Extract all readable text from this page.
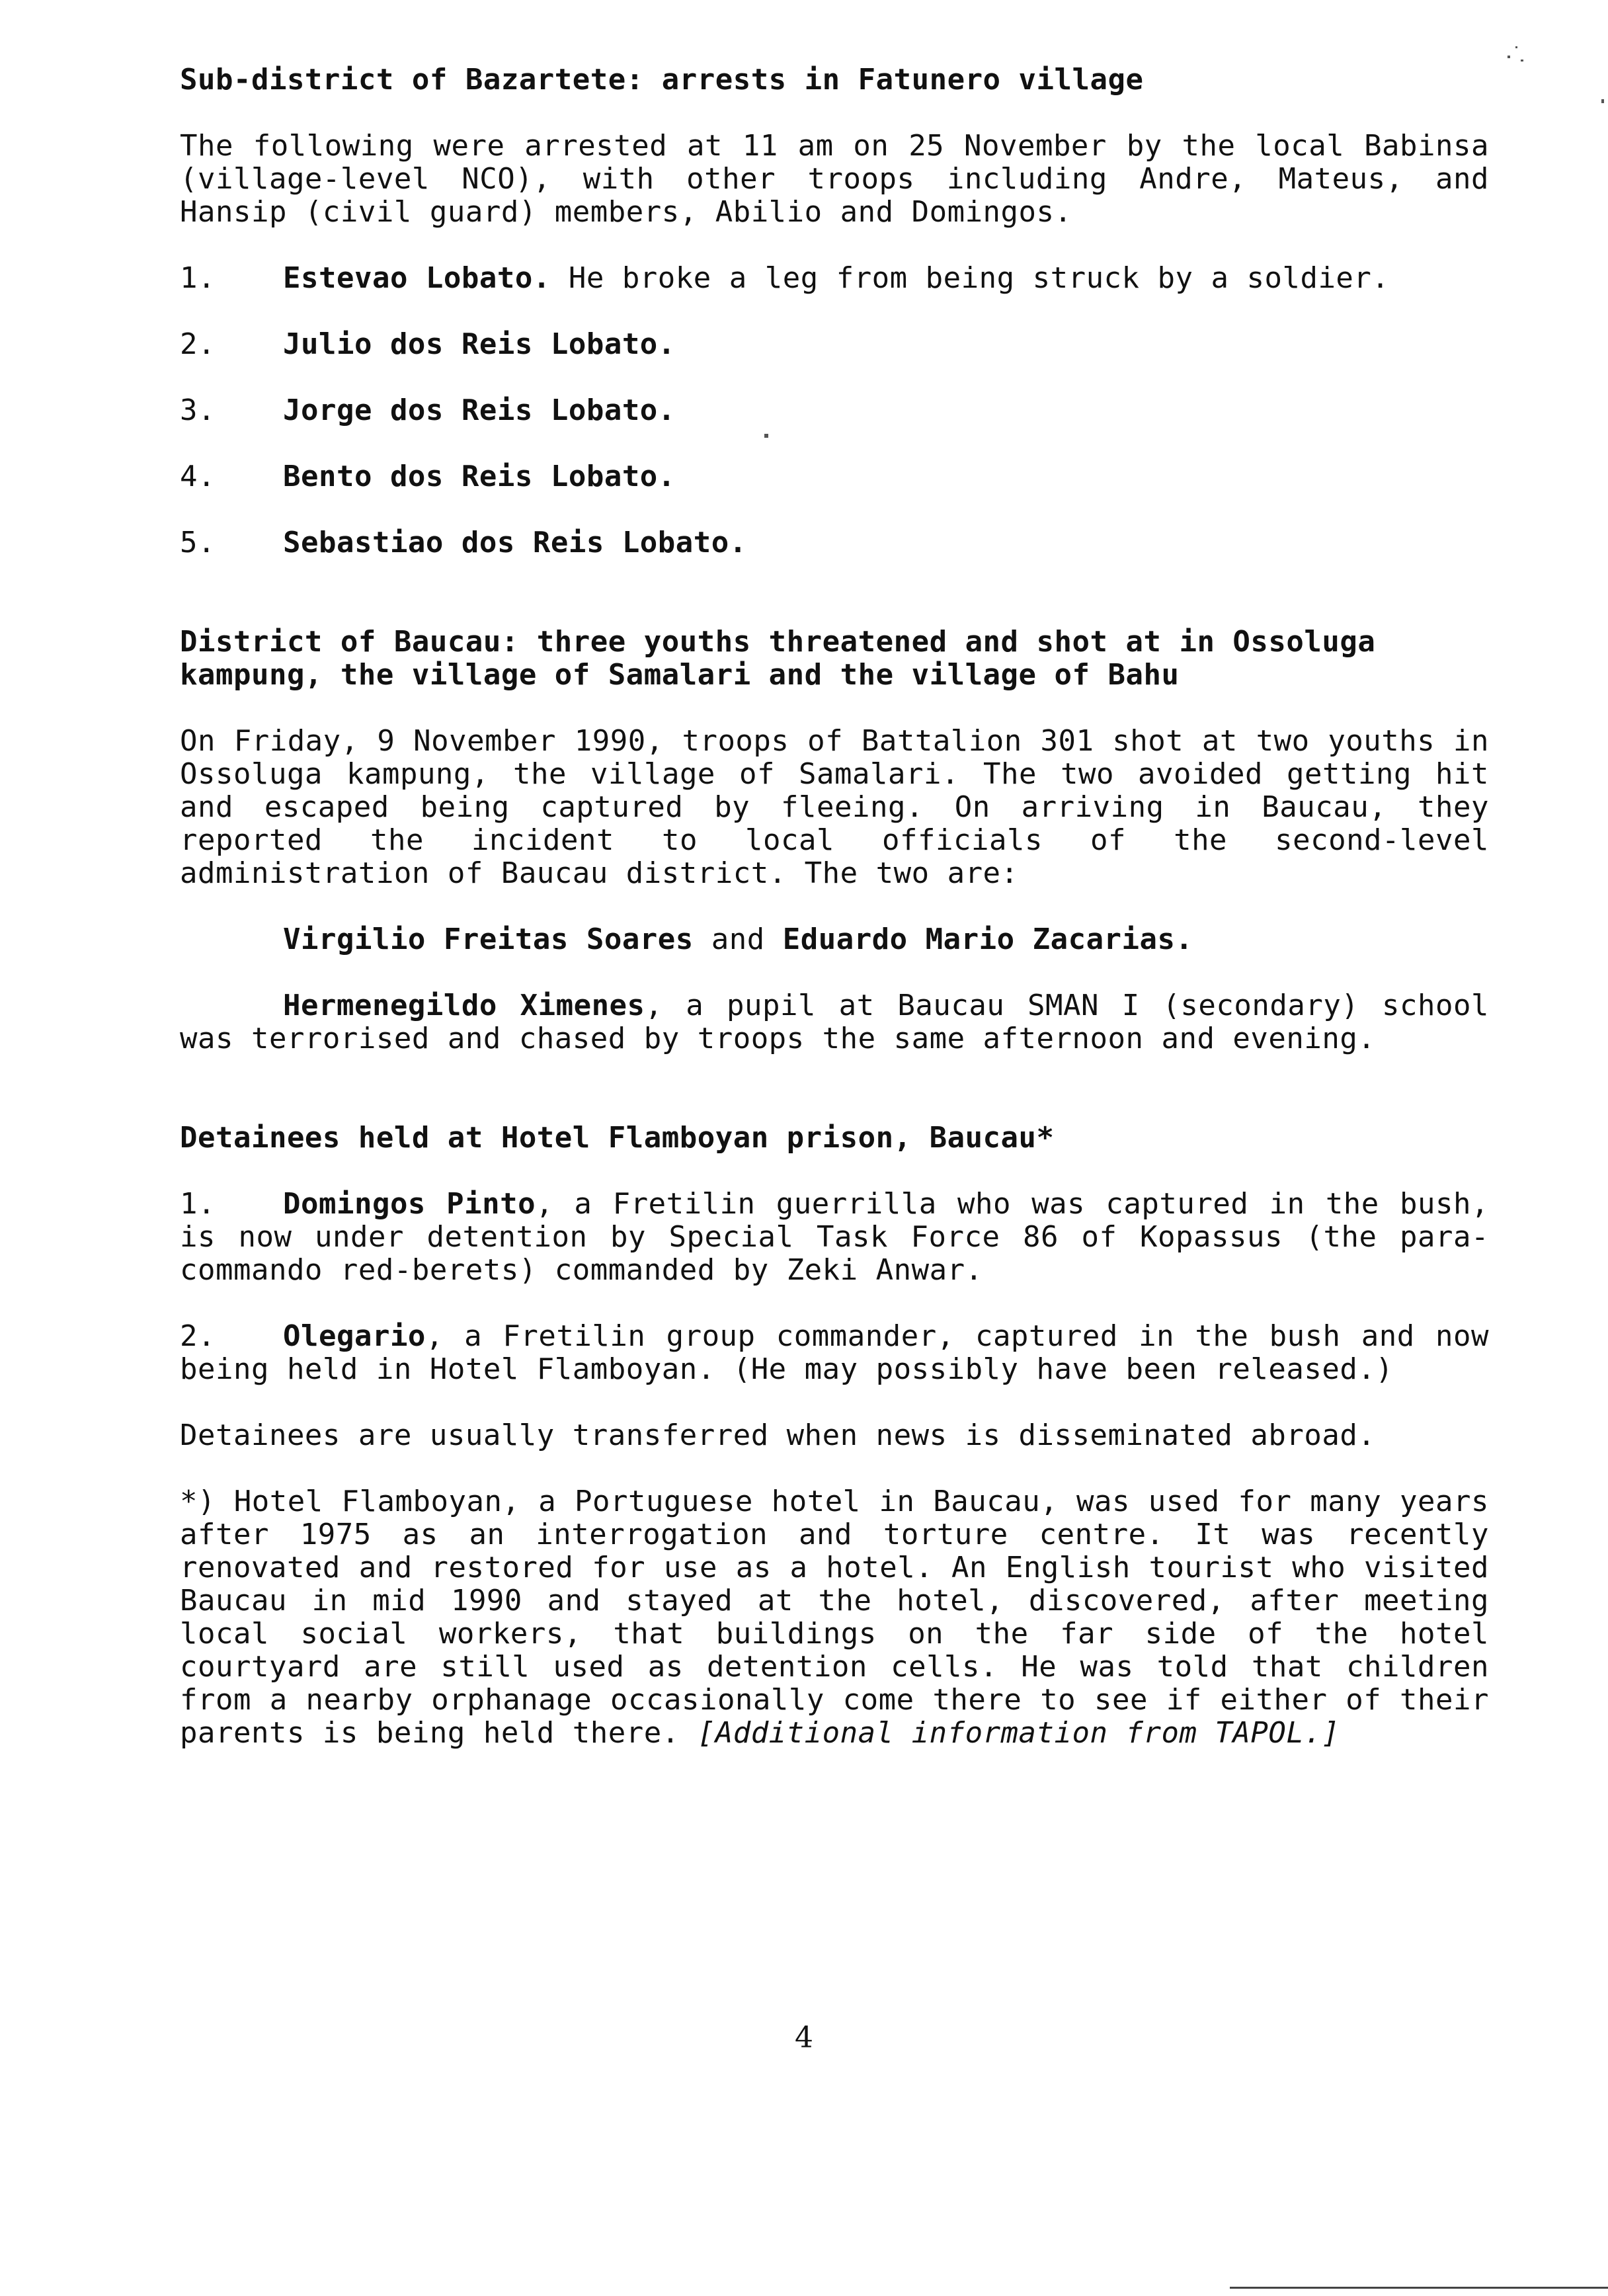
Sub-district of Bazartete: arrests in Fatunero village
The following were arrested at 11 am on 25 November by the local Babinsa (village-level NCO), with other troops including Andre, Mateus, and Hansip (civil guard) members, Abilio and Domingos.
1.	Estevao Lobato. He broke a leg from being struck by a soldier.
2.	Julio dos Reis Lobato.
3.	Jorge dos Reis Lobato.
4.	Bento dos Reis Lobato.
5.	Sebastiao dos Reis Lobato.
District of Baucau: three youths threatened and shot at in Ossoluga kampung, the village of Samalari and the village of Bahu
On Friday, 9 November 1990, troops of Battalion 301 shot at two youths in Ossoluga kampung, the village of Samalari. The two avoided getting hit and escaped being captured by fleeing. On arriving in Baucau, they reported the incident to local officials of the second-level administration of Baucau district. The two are:
Virgilio Freitas Soares and Eduardo Mario Zacarias.
Hermenegildo Ximenes, a pupil at Baucau SMAN I (secondary) school was terrorised and chased by troops the same afternoon and evening.
Detainees held at Hotel Flamboyan prison, Baucau*
1. Domingos Pinto, a Fretilin guerrilla who was captured in the bush, is now under detention by Special Task Force 86 of Kopassus (the para-commando red-berets) commanded by Zeki Anwar.
2. Olegario, a Fretilin group commander, captured in the bush and now being held in Hotel Flamboyan. (He may possibly have been released.)
Detainees are usually transferred when news is disseminated abroad.
*) Hotel Flamboyan, a Portuguese hotel in Baucau, was used for many years after 1975 as an interrogation and torture centre. It was recently renovated and restored for use as a hotel. An English tourist who visited Baucau in mid 1990 and stayed at the hotel, discovered, after meeting local social workers, that buildings on the far side of the hotel courtyard are still used as detention cells. He was told that children from a nearby orphanage occasionally come there to see if either of their parents is being held there. [Additional information from TAPOL.]
4
